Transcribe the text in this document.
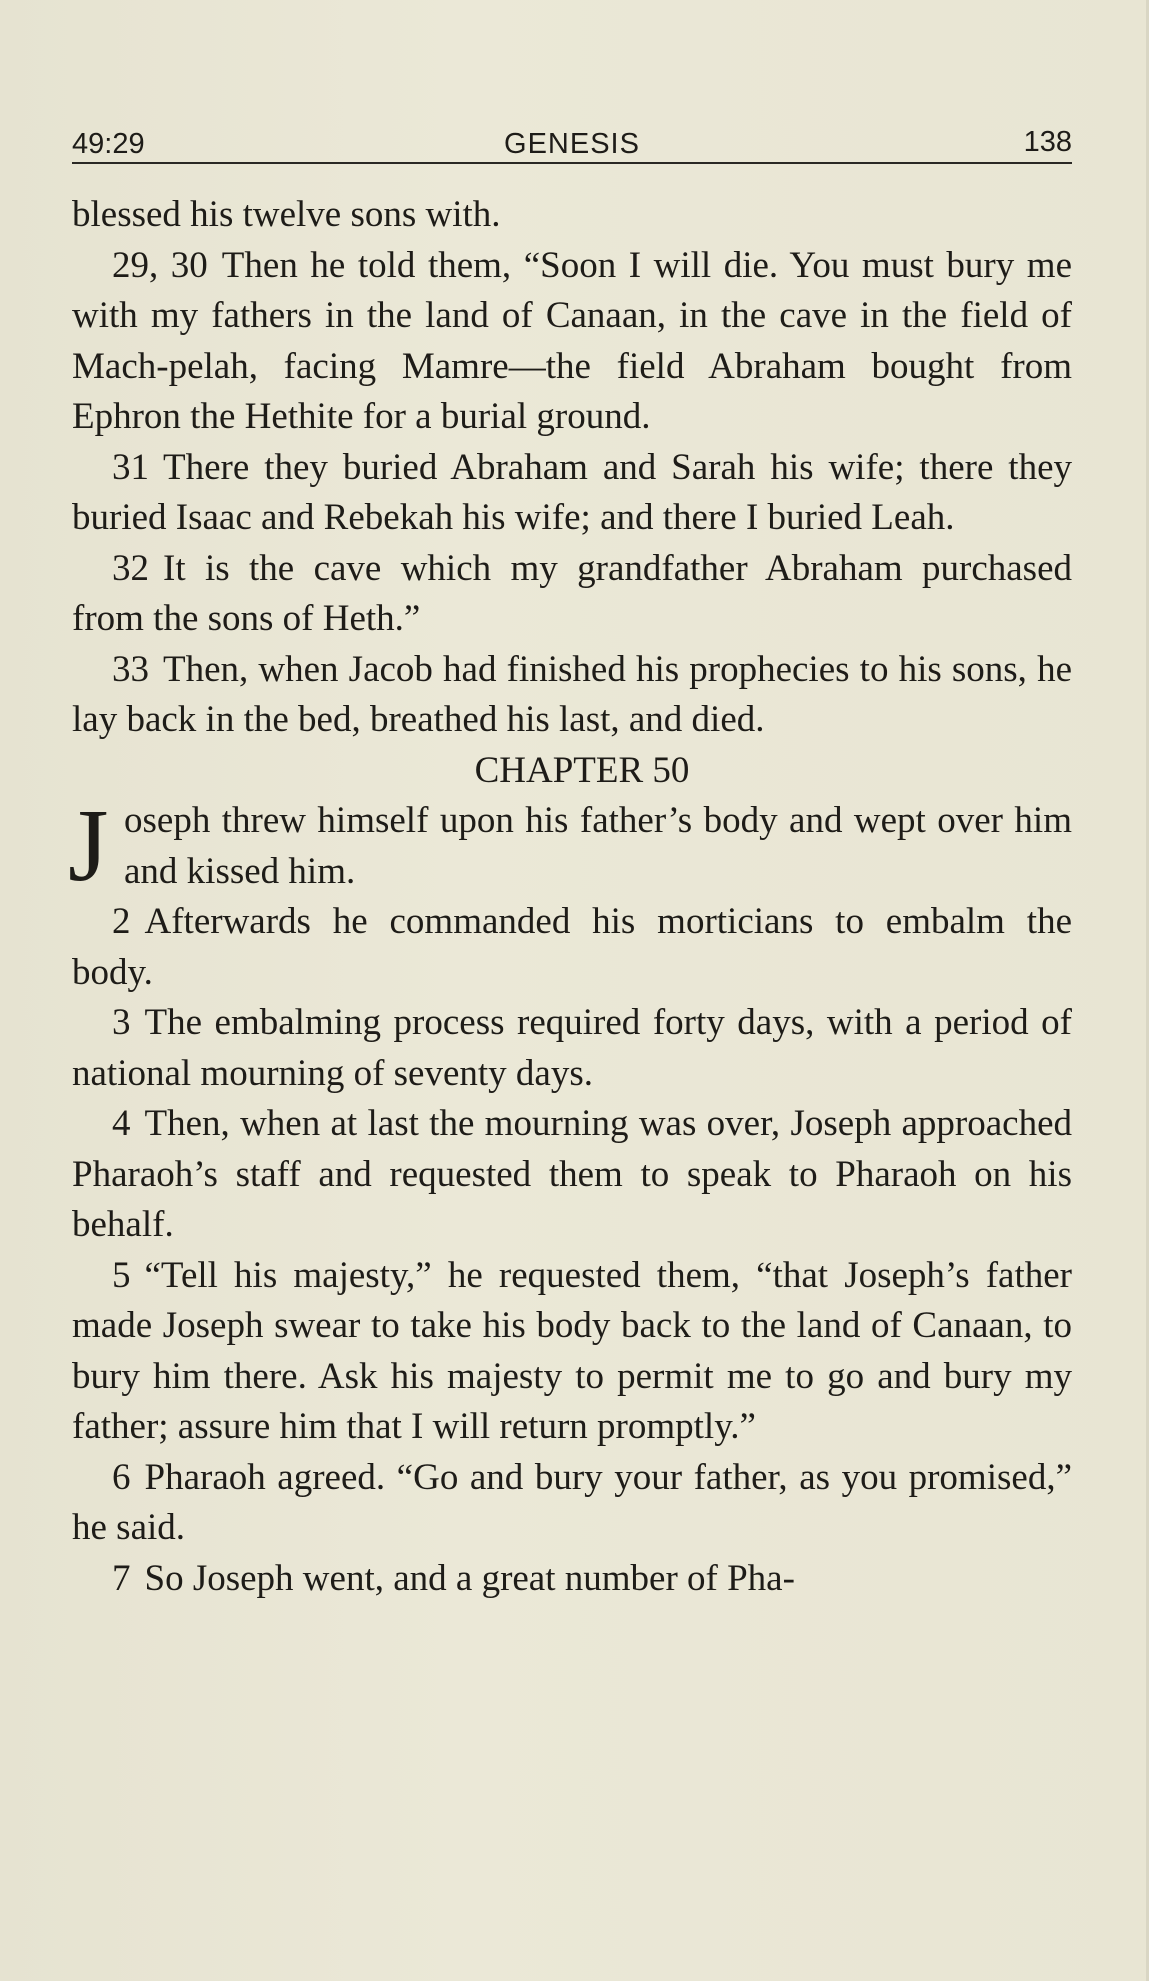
49:29	GENESIS	138

blessed his twelve sons with.

29, 30 Then he told them, “Soon I will die. You must bury me with my fathers in the land of Canaan, in the cave in the field of Mach-pelah, facing Mamre—the field Abraham bought from Ephron the Hethite for a burial ground.

31 There they buried Abraham and Sarah his wife; there they buried Isaac and Rebekah his wife; and there I buried Leah.

32 It is the cave which my grandfather Abraham purchased from the sons of Heth.”

33 Then, when Jacob had finished his prophecies to his sons, he lay back in the bed, breathed his last, and died.

CHAPTER 50

J oseph threw himself upon his father’s body and wept over him and kissed him.

2 Afterwards he commanded his morticians to embalm the body.

3 The embalming process required forty days, with a period of national mourning of seventy days.

4 Then, when at last the mourning was over, Joseph approached Pharaoh’s staff and requested them to speak to Pharaoh on his behalf.

5 “Tell his majesty,” he requested them, “that Joseph’s father made Joseph swear to take his body back to the land of Canaan, to bury him there. Ask his majesty to permit me to go and bury my father; assure him that I will return promptly.”

6 Pharaoh agreed. “Go and bury your father, as you promised,” he said.

7 So Joseph went, and a great number of Pha-
